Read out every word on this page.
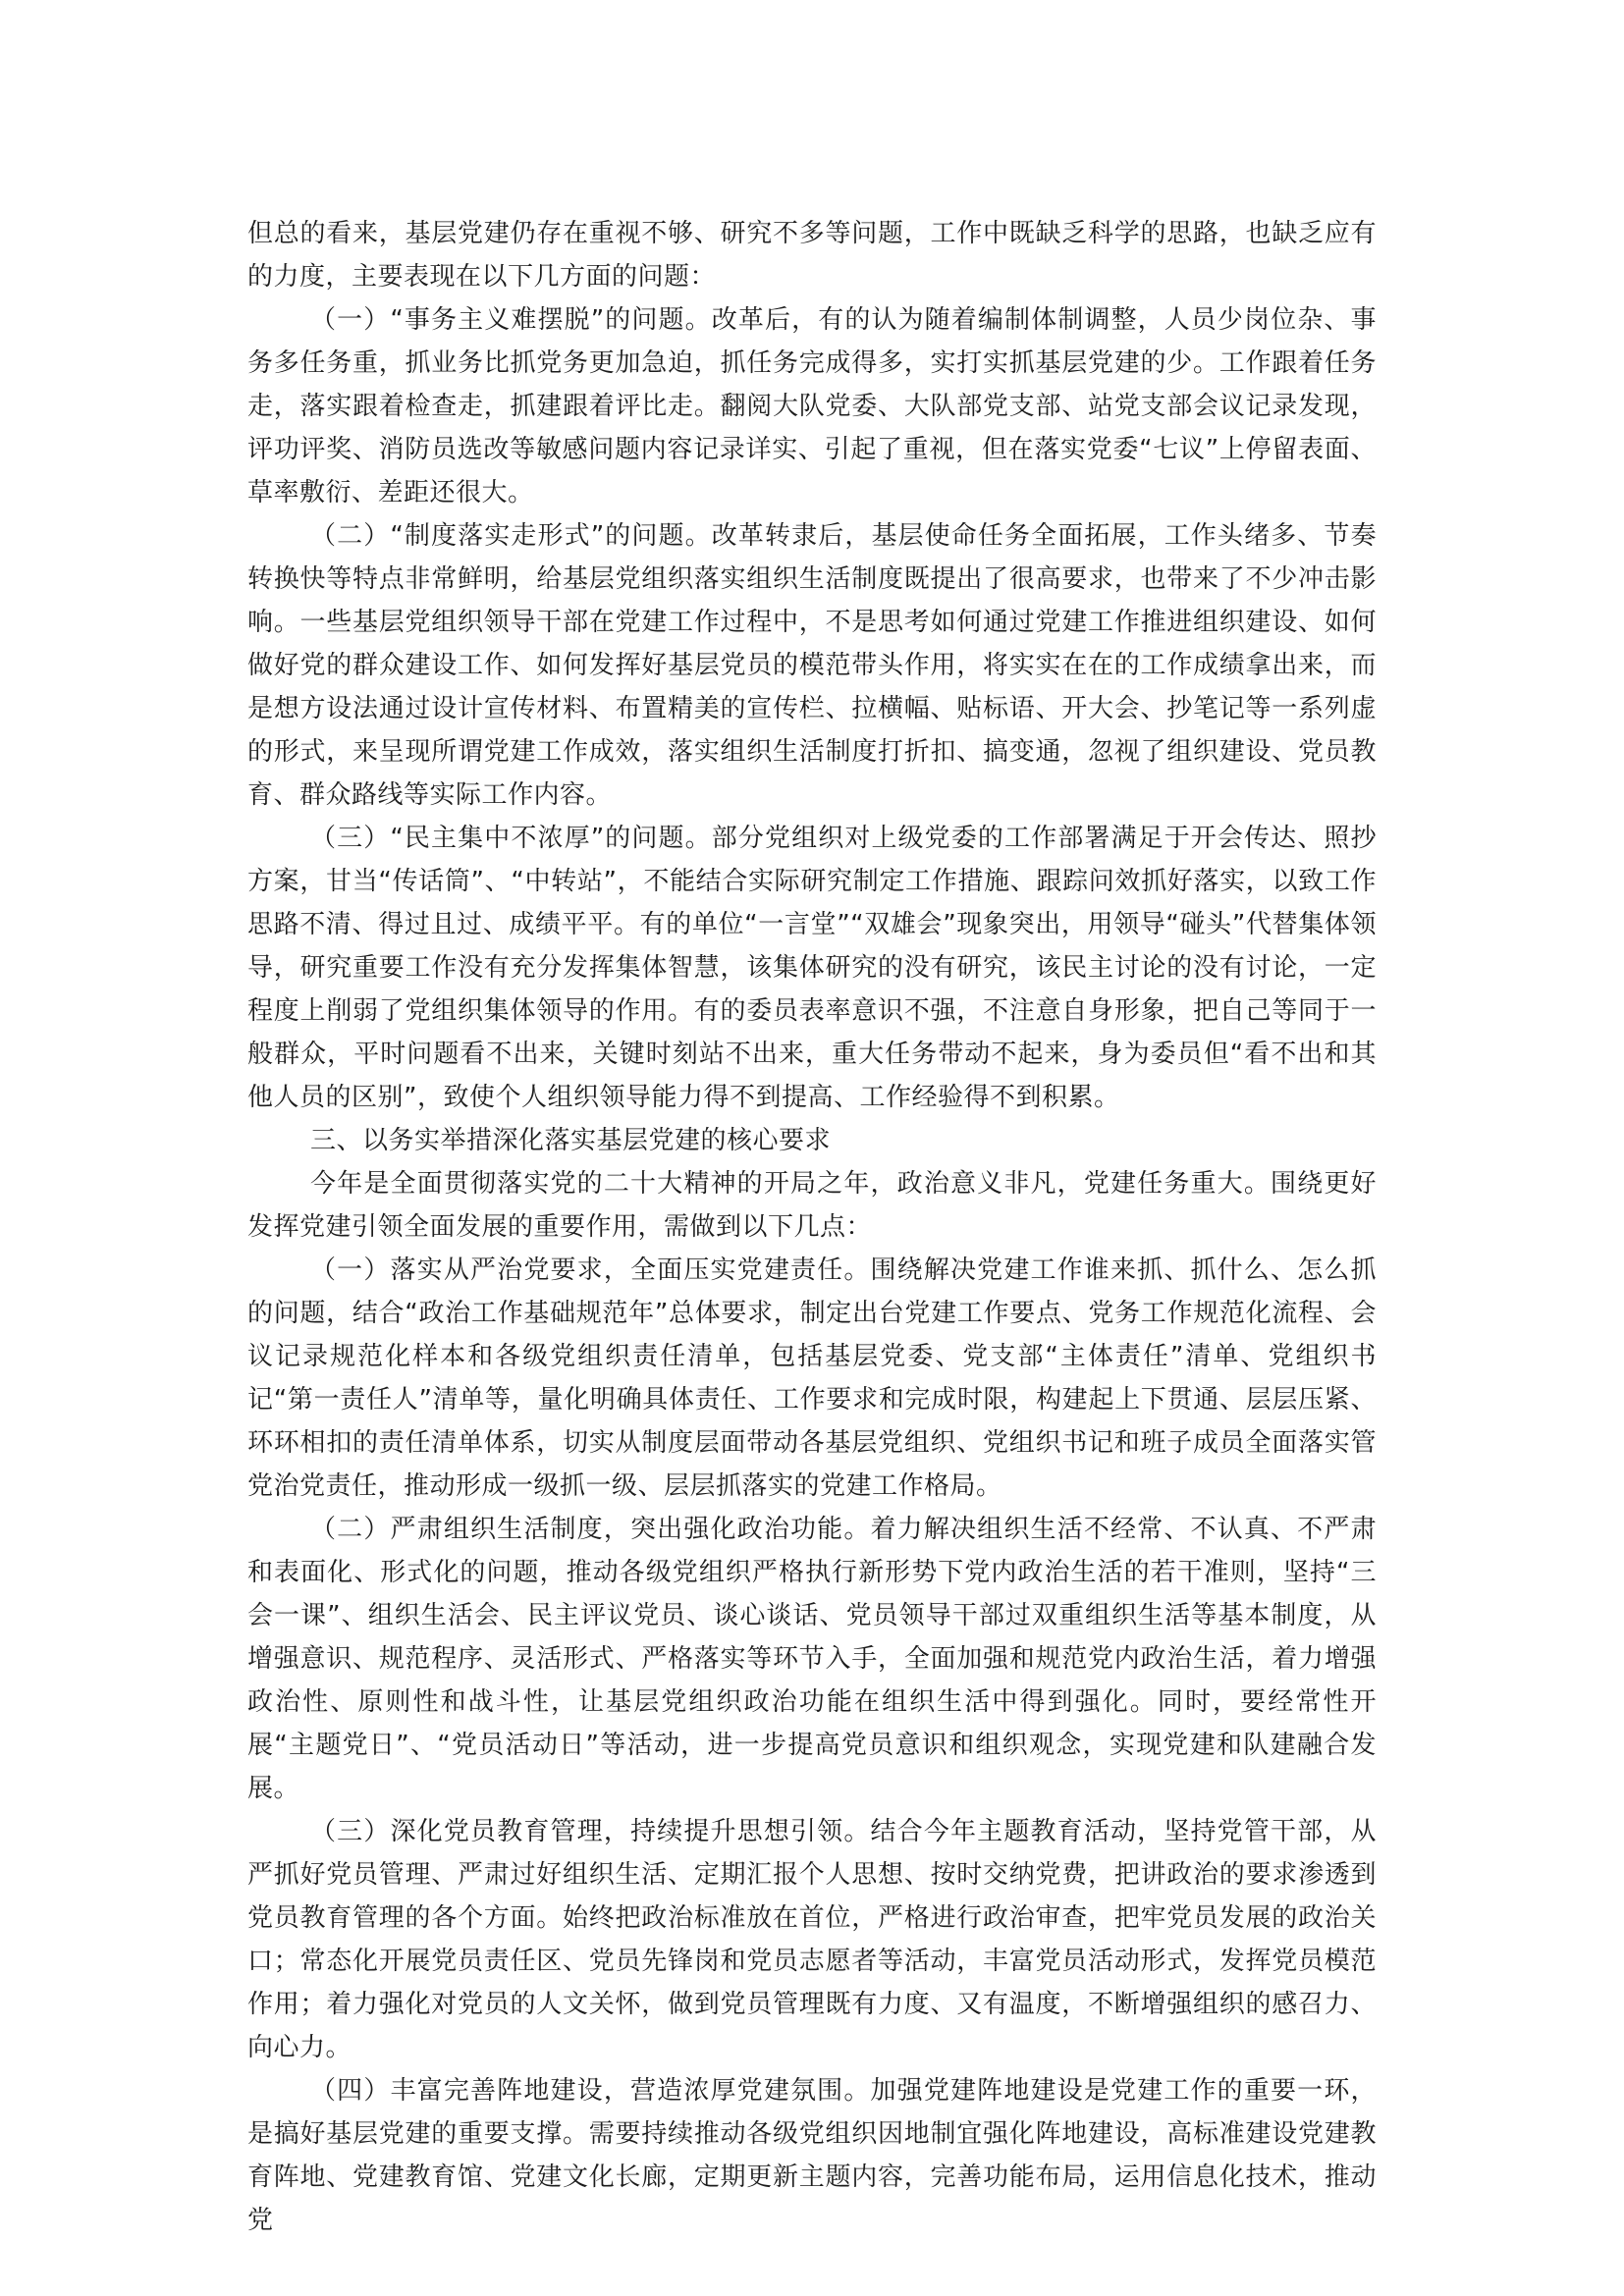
但总的看来，基层党建仍存在重视不够、研究不多等问题，工作中既缺乏科学的思路，也缺乏应有的力度，主要表现在以下几方面的问题：

（一）“事务主义难摆脱”的问题。改革后，有的认为随着编制体制调整，人员少岗位杂、事务多任务重，抓业务比抓党务更加急迫，抓任务完成得多，实打实抓基层党建的少。工作跟着任务走，落实跟着检查走，抓建跟着评比走。翻阅大队党委、大队部党支部、站党支部会议记录发现，评功评奖、消防员选改等敏感问题内容记录详实、引起了重视，但在落实党委“七议”上停留表面、草率敷衍、差距还很大。

（二）“制度落实走形式”的问题。改革转隶后，基层使命任务全面拓展，工作头绪多、节奏转换快等特点非常鲜明，给基层党组织落实组织生活制度既提出了很高要求，也带来了不少冲击影响。一些基层党组织领导干部在党建工作过程中，不是思考如何通过党建工作推进组织建设、如何做好党的群众建设工作、如何发挥好基层党员的模范带头作用，将实实在在的工作成绩拿出来，而是想方设法通过设计宣传材料、布置精美的宣传栏、拉横幅、贴标语、开大会、抄笔记等一系列虚的形式，来呈现所谓党建工作成效，落实组织生活制度打折扣、搞变通，忽视了组织建设、党员教育、群众路线等实际工作内容。

（三）“民主集中不浓厚”的问题。部分党组织对上级党委的工作部署满足于开会传达、照抄方案，甘当“传话筒”、“中转站”，不能结合实际研究制定工作措施、跟踪问效抓好落实，以致工作思路不清、得过且过、成绩平平。有的单位“一言堂”“双雄会”现象突出，用领导“碰头”代替集体领导，研究重要工作没有充分发挥集体智慧，该集体研究的没有研究，该民主讨论的没有讨论，一定程度上削弱了党组织集体领导的作用。有的委员表率意识不强，不注意自身形象，把自己等同于一般群众，平时问题看不出来，关键时刻站不出来，重大任务带动不起来，身为委员但“看不出和其他人员的区别”，致使个人组织领导能力得不到提高、工作经验得不到积累。

三、以务实举措深化落实基层党建的核心要求

今年是全面贯彻落实党的二十大精神的开局之年，政治意义非凡，党建任务重大。围绕更好发挥党建引领全面发展的重要作用，需做到以下几点：

（一）落实从严治党要求，全面压实党建责任。围绕解决党建工作谁来抓、抓什么、怎么抓的问题，结合“政治工作基础规范年”总体要求，制定出台党建工作要点、党务工作规范化流程、会议记录规范化样本和各级党组织责任清单，包括基层党委、党支部“主体责任”清单、党组织书记“第一责任人”清单等，量化明确具体责任、工作要求和完成时限，构建起上下贯通、层层压紧、环环相扣的责任清单体系，切实从制度层面带动各基层党组织、党组织书记和班子成员全面落实管党治党责任，推动形成一级抓一级、层层抓落实的党建工作格局。

（二）严肃组织生活制度，突出强化政治功能。着力解决组织生活不经常、不认真、不严肃和表面化、形式化的问题，推动各级党组织严格执行新形势下党内政治生活的若干准则，坚持“三会一课”、组织生活会、民主评议党员、谈心谈话、党员领导干部过双重组织生活等基本制度，从增强意识、规范程序、灵活形式、严格落实等环节入手，全面加强和规范党内政治生活，着力增强政治性、原则性和战斗性，让基层党组织政治功能在组织生活中得到强化。同时，要经常性开展“主题党日”、“党员活动日”等活动，进一步提高党员意识和组织观念，实现党建和队建融合发展。

（三）深化党员教育管理，持续提升思想引领。结合今年主题教育活动，坚持党管干部，从严抓好党员管理、严肃过好组织生活、定期汇报个人思想、按时交纳党费，把讲政治的要求渗透到党员教育管理的各个方面。始终把政治标准放在首位，严格进行政治审查，把牢党员发展的政治关口；常态化开展党员责任区、党员先锋岗和党员志愿者等活动，丰富党员活动形式，发挥党员模范作用；着力强化对党员的人文关怀，做到党员管理既有力度、又有温度，不断增强组织的感召力、向心力。

（四）丰富完善阵地建设，营造浓厚党建氛围。加强党建阵地建设是党建工作的重要一环，是搞好基层党建的重要支撑。需要持续推动各级党组织因地制宜强化阵地建设，高标准建设党建教育阵地、党建教育馆、党建文化长廊，定期更新主题内容，完善功能布局，运用信息化技术，推动党
